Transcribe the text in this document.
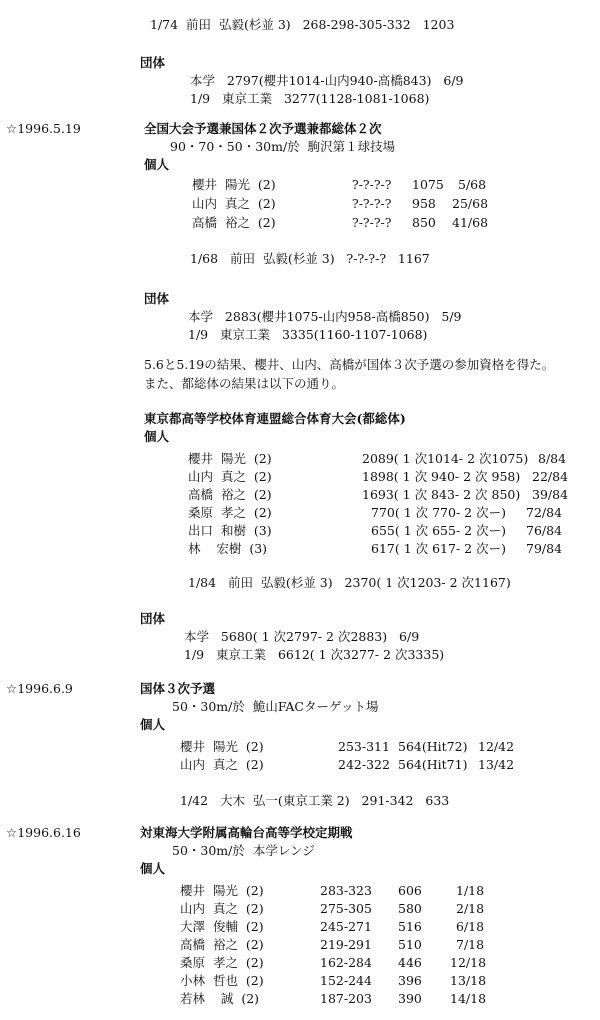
1/74  前田  弘毅(杉並 3)   268-298-305-332   1203
団体
本学   2797(櫻井1014-山内940-高橋843)   6/9
1/9   東京工業   3277(1128-1081-1068)
☆1996.5.19	全国大会予選兼国体２次予選兼都総体２次
90・70・50・30m/於  駒沢第１球技場
個人
櫻井  陽光  (2)	?-?-?-? 1075 5/68
山内  真之  (2)	?-?-?-? 958 25/68
高橋  裕之  (2)	?-?-?-? 850 41/68
1/68   前田  弘毅(杉並 3)   ?-?-?-?   1167
団体
本学   2883(櫻井1075-山内958-高橋850)   5/9
1/9   東京工業   3335(1160-1107-1068)
5.6と5.19の結果、櫻井、山内、高橋が国体３次予選の参加資格を得た。
また、都総体の結果は以下の通り。
東京都高等学校体育連盟総合体育大会(都総体)
個人
櫻井  陽光  (2)	2089( 1 次1014- 2 次1075) 8/84
山内  真之  (2)	1898( 1 次 940- 2 次 958) 22/84
高橋  裕之  (2)	1693( 1 次 843- 2 次 850) 39/84
桑原  孝之  (2)	770( 1 次 770- 2 次ー) 72/84
出口  和樹  (3)	655( 1 次 655- 2 次ー) 76/84
林    宏樹  (3)	617( 1 次 617- 2 次ー) 79/84
1/84   前田  弘毅(杉並 3)   2370( 1 次1203- 2 次1167)
団体
本学   5680( 1 次2797- 2 次2883)   6/9
1/9   東京工業   6612( 1 次3277- 2 次3335)
☆1996.6.9	国体３次予選
50・30m/於  鮠山FACターゲット場
個人
櫻井  陽光  (2)	253-311 564(Hit72) 12/42
山内  真之  (2)	242-322 564(Hit71) 13/42
1/42   大木  弘一(東京工業 2)   291-342   633
☆1996.6.16	対東海大学附属高輪台高等学校定期戦
50・30m/於  本学レンジ
個人
櫻井  陽光  (2)	283-323 606	1/18
山内  真之  (2)	275-305 580	2/18
大澤  俊輔  (2)	245-271 516	6/18
高橋  裕之  (2)	219-291 510	7/18
桑原  孝之  (2)	162-284 446 12/18
小林  哲也  (2)	152-244 396 13/18
若林    誠  (2)	187-203 390 14/18
